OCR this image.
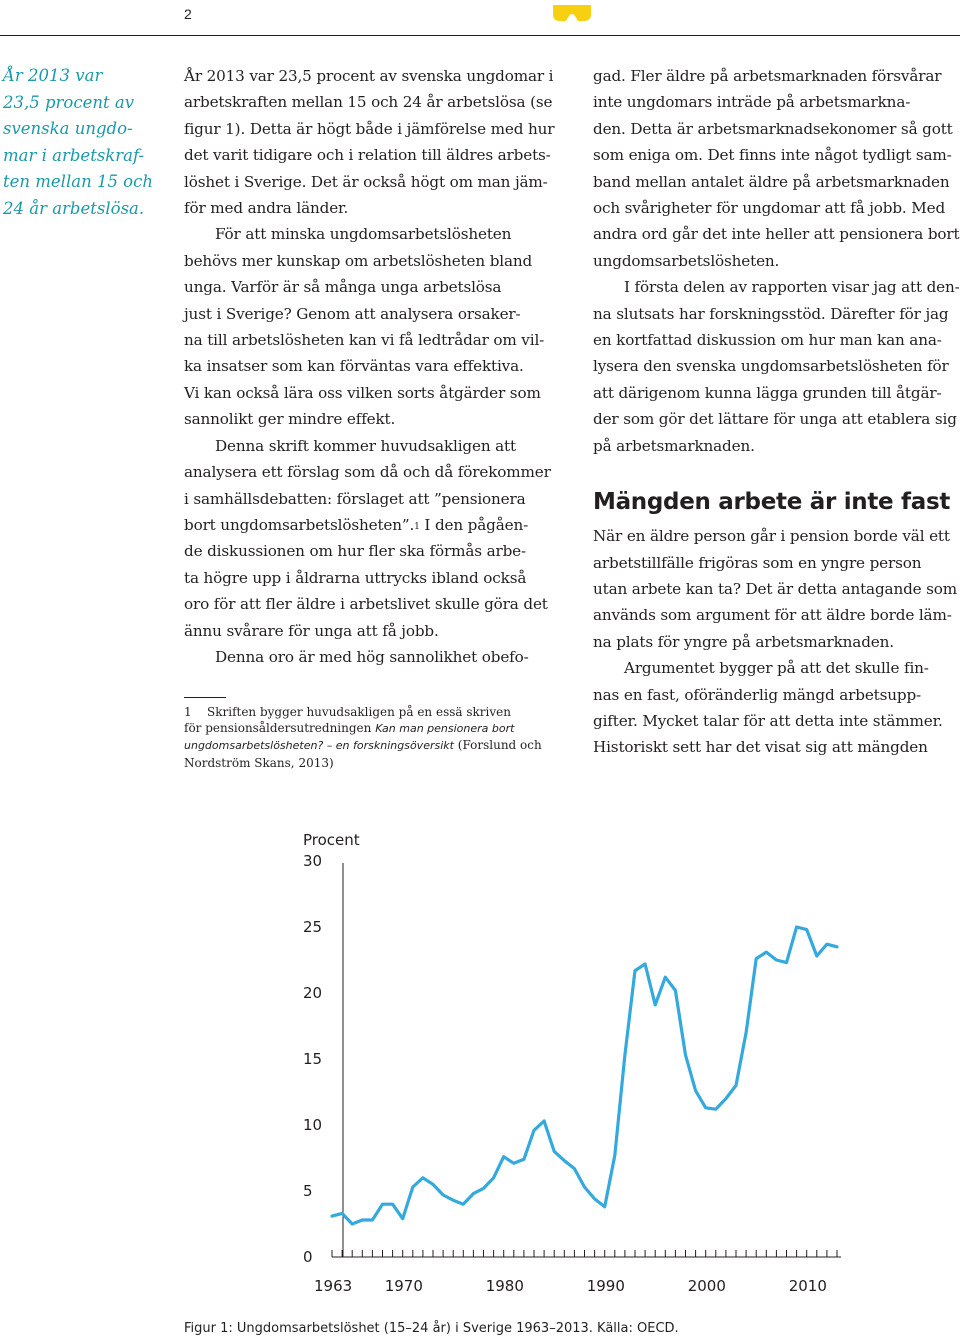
2
År 2013 var
23,5 procent av
svenska ungdo-
mar i arbetskraf-
ten mellan 15 och
24 år arbetslösa.

År 2013 var 23,5 procent av svenska ungdomar i
arbetskraften mellan 15 och 24 år arbetslösa (se
figur 1). Detta är högt både i jämförelse med hur
det varit tidigare och i relation till äldres arbets-
löshet i Sverige. Det är också högt om man jäm-
för med andra länder.

För att minska ungdomsarbetslösheten
behövs mer kunskap om arbetslösheten bland
unga. Varför är så många unga arbetslösa
just i Sverige? Genom att analysera orsaker-
na till arbetslösheten kan vi få ledtrådar om vil-
ka insatser som kan förväntas vara effektiva.
Vi kan också lära oss vilken sorts åtgärder som
sannolikt ger mindre effekt.

Denna skrift kommer huvudsakligen att
analysera ett förslag som då och då förekommer
i samhällsdebatten: förslaget att ”pensionera
bort ungdomsarbetslösheten”.$^1$ I den pågåen-
de diskussionen om hur fler ska förmås arbe-
ta högre upp i åldrarna uttrycks ibland också
oro för att fler äldre i arbetslivet skulle göra det
ännu svårare för unga att få jobb.

Denna oro är med hög sannolikhet obefo-

1 Skriften bygger huvudsakligen på en essä skriven
för pensionsåldersutredningen Kan man pensionera bort
ungdomsarbetslösheten? – en forskningsöversikt (Forslund och
Nordström Skans, 2013)

gad. Fler äldre på arbetsmarknaden försvårar
inte ungdomars inträde på arbetsmarkna-
den. Detta är arbetsmarknadsekonomer så gott
som eniga om. Det finns inte något tydligt sam-
band mellan antalet äldre på arbetsmarknaden
och svårigheter för ungdomar att få jobb. Med
andra ord går det inte heller att pensionera bort
ungdomsarbetslösheten.

I första delen av rapporten visar jag att den-
na slutsats har forskningsstöd. Därefter för jag
en kortfattad diskussion om hur man kan ana-
lysera den svenska ungdomsarbetslösheten för
att därigenom kunna lägga grunden till åtgär-
der som gör det lättare för unga att etablera sig
på arbetsmarknaden.

Mängden arbete är inte fast

När en äldre person går i pension borde väl ett
arbetstillfälle frigöras som en yngre person
utan arbete kan ta? Det är detta antagande som
används som argument för att äldre borde läm-
na plats för yngre på arbetsmarknaden.

Argumentet bygger på att det skulle fin-
nas en fast, oföränderlig mängd arbetsupp-
gifter. Mycket talar för att detta inte stämmer.
Historiskt sett har det visat sig att mängden

Procent
0
5
10
15
20
25
30
1963 1970	1980	1990	2000	2010
Figur 1: Ungdomsarbetslöshet (15–24 år) i Sverige 1963–2013. Källa: OECD.
